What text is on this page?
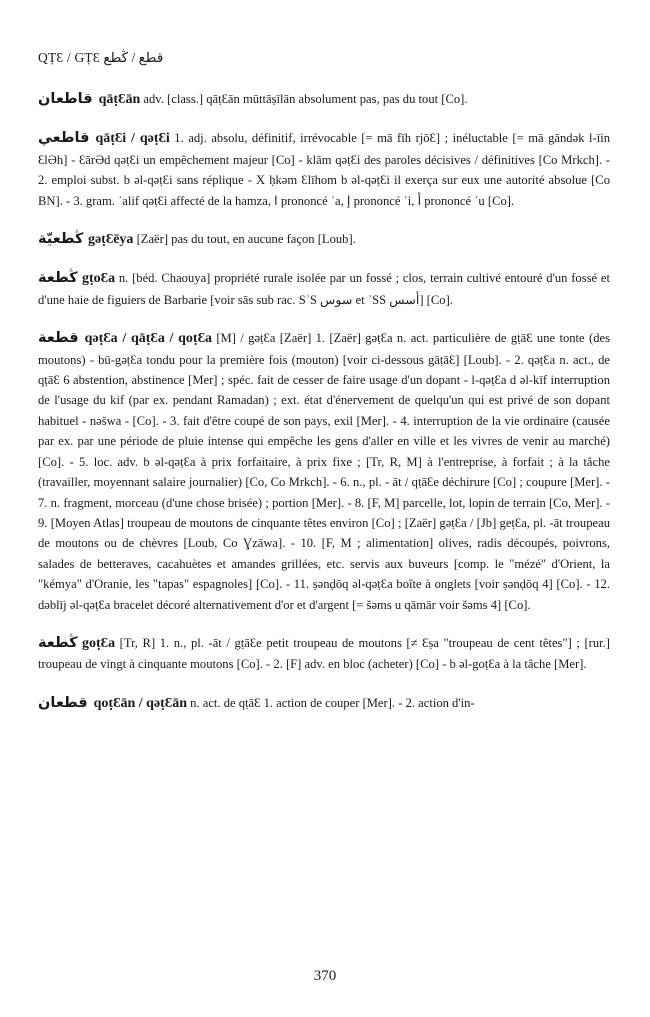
QṬƐ / GṬƐ قطع / ڭطع

قاطعان qāṭƐān adv. [class.] qāṭƐān mūttāṣīlān absolument pas, pas du tout [Co].

قاطعي qāṭƐi / qəṭƐi 1. adj. absolu, définitif, irrévocable [= mā fīh rjōƐ] ; inéluctable [= mā gāndək l-īin ƐlƏh] - ƐārƏd qəṭƐi un empêchement majeur [Co] - klām qəṭƐi des paroles décisives / définitives [Co Mrkch]. - 2. emploi subst. b əl-qəṭƐi sans réplique - X ḥkəm Ɛlīhom b əl-qəṭƐi il exerça sur eux une autorité absolue [Co BN]. - 3. gram. ʾalif qəṭƐi affecté de la hamza, ا prononcé ʾa, إ prononcé ʾi, أ prononcé ʾu [Co].

ڭطعيّة gəṭƐēya [Zaër] pas du tout, en aucune façon [Loub].

ڭطعة gṭoƐa n. [béd. Chaouya] propriété rurale isolée par un fossé ; clos, terrain cultivé entouré d'un fossé et d'une haie de figuiers de Barbarie [voir sās sub rac. SʾS سوس et ʾSS أسس] [Co].

قطعة qəṭƐa / qāṭƐa / qoṭƐa [M] / gəṭƐa [Zaër] 1. [Zaër] gəṭƐa n. act. particulière de gṭāƐ une tonte (des moutons) - bū-gəṭƐa tondu pour la première fois (mouton) [voir ci-dessous gāṭāƐ] [Loub]. - 2. qəṭƐa n. act., de qṭāƐ 6 abstention, abstinence [Mer] ; spéc. fait de cesser de faire usage d'un dopant - l-qəṭƐa d əl-kīf interruption de l'usage du kif (par ex. pendant Ramadan) ; ext. état d'énervement de quelqu'un qui est privé de son dopant habituel - nəšwa - [Co]. - 3. fait d'être coupé de son pays, exil [Mer]. - 4. interruption de la vie ordinaire (causée par ex. par une période de pluie intense qui empêche les gens d'aller en ville et les vivres de venir au marché) [Co]. - 5. loc. adv. b əl-qəṭƐa à prix forfaitaire, à prix fixe ; [Tr, R, M] à l'entreprise, à forfait ; à la tâche (travailler, moyennant salaire journalier) [Co, Co Mrkch]. - 6. n., pl. - āt / qṭāƐe déchirure [Co] ; coupure [Mer]. - 7. n. fragment, morceau (d'une chose brisée) ; portion [Mer]. - 8. [F, M] parcelle, lot, lopin de terrain [Co, Mer]. - 9. [Moyen Atlas] troupeau de moutons de cinquante têtes environ [Co] ; [Zaër] gəṭƐa / [Jb] geṭƐa, pl. -āt troupeau de moutons ou de chèvres [Loub, Co Ɣzāwa]. - 10. [F, M ; alimentation] olives, radis découpés, poivrons, salades de betteraves, cacahuètes et amandes grillées, etc. servis aux buveurs [comp. le "mézé" d'Orient, la "kémya" d'Oranie, les "tapas" espagnoles] [Co]. - 11. ṣənḍōq əl-qəṭƐa boîte à onglets [voir ṣənḍōq 4] [Co]. - 12. dəblīj əl-qəṭƐa bracelet décoré alternativement d'or et d'argent [= šəms u qāmār voir šəms 4] [Co].

ڭطعة goṭƐa [Tr, R] 1. n., pl. -āt / gṭāƐe petit troupeau de moutons [≠ Ɛṣa "troupeau de cent têtes"] ; [rur.] troupeau de vingt à cinquante moutons [Co]. - 2. [F] adv. en bloc (acheter) [Co] - b əl-goṭƐa à la tâche [Mer].

قطعان qoṭƐān / qəṭƐān n. act. de qṭāƐ 1. action de couper [Mer]. - 2. action d'in-

370
